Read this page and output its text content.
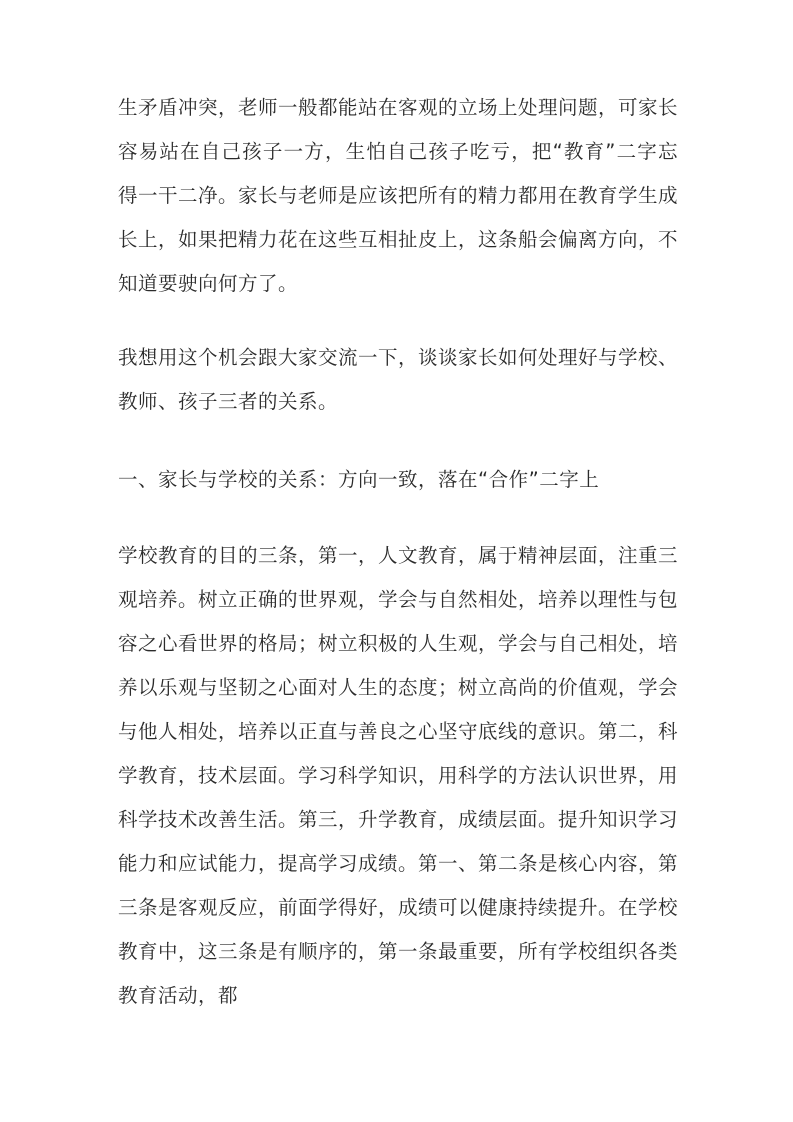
生矛盾冲突，老师一般都能站在客观的立场上处理问题，可家长容易站在自己孩子一方，生怕自己孩子吃亏，把“教育”二字忘得一干二净。家长与老师是应该把所有的精力都用在教育学生成长上，如果把精力花在这些互相扯皮上，这条船会偏离方向，不知道要驶向何方了。

我想用这个机会跟大家交流一下，谈谈家长如何处理好与学校、教师、孩子三者的关系。

一、家长与学校的关系：方向一致，落在“合作”二字上

学校教育的目的三条，第一，人文教育，属于精神层面，注重三观培养。树立正确的世界观，学会与自然相处，培养以理性与包容之心看世界的格局；树立积极的人生观，学会与自己相处，培养以乐观与坚韧之心面对人生的态度；树立高尚的价值观，学会与他人相处，培养以正直与善良之心坚守底线的意识。第二，科学教育，技术层面。学习科学知识，用科学的方法认识世界，用科学技术改善生活。第三，升学教育，成绩层面。提升知识学习能力和应试能力，提高学习成绩。第一、第二条是核心内容，第三条是客观反应，前面学得好，成绩可以健康持续提升。在学校教育中，这三条是有顺序的，第一条最重要，所有学校组织各类教育活动，都
